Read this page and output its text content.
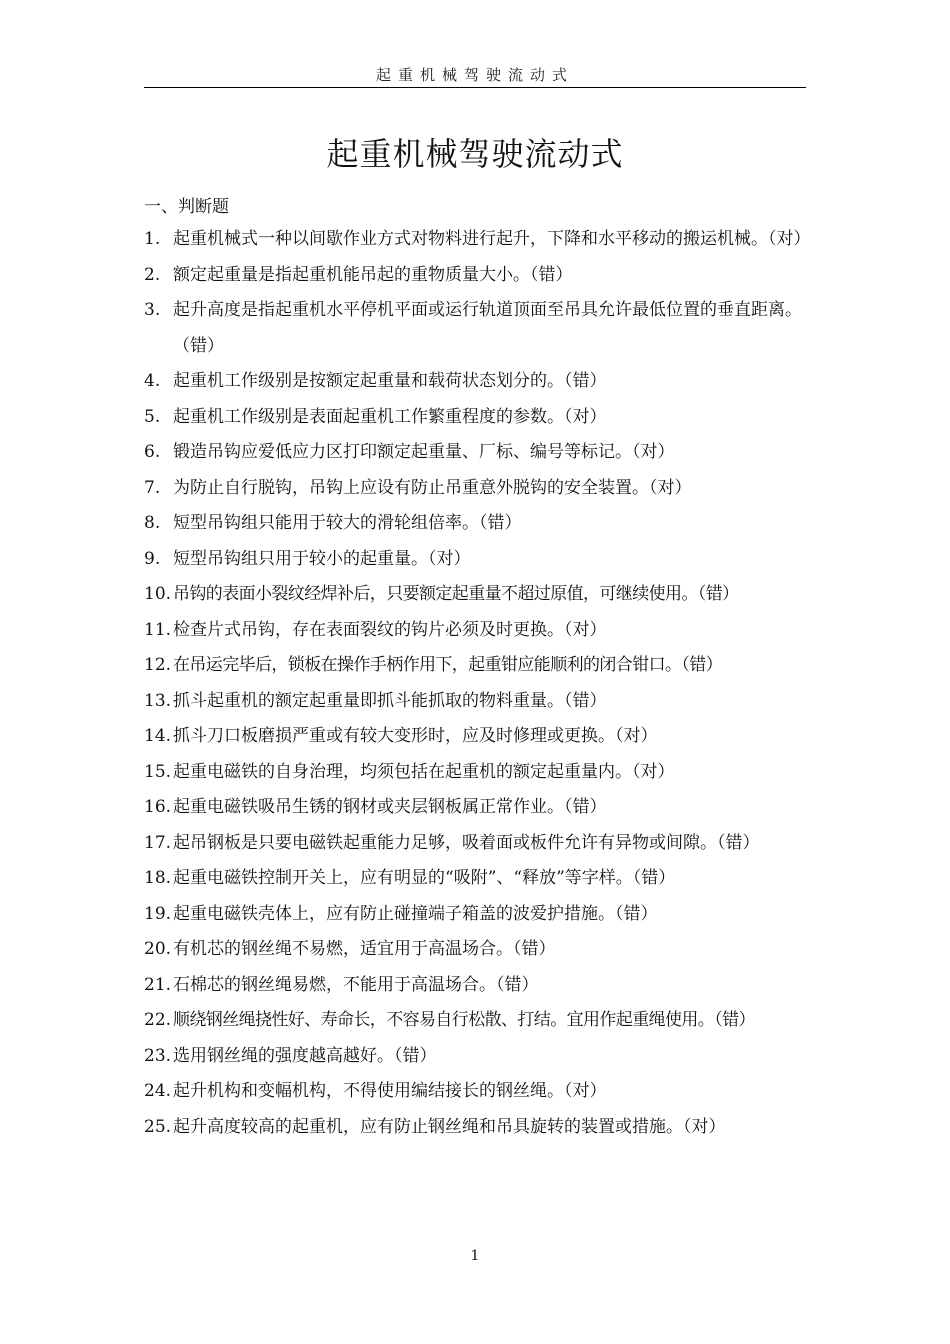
起重机械驾驶流动式
起重机械驾驶流动式
一、判断题
1. 起重机械式一种以间歇作业方式对物料进行起升，下降和水平移动的搬运机械。（对）
2. 额定起重量是指起重机能吊起的重物质量大小。（错）
3. 起升高度是指起重机水平停机平面或运行轨道顶面至吊具允许最低位置的垂直距离。（错）
4. 起重机工作级别是按额定起重量和载荷状态划分的。（错）
5. 起重机工作级别是表面起重机工作繁重程度的参数。（对）
6. 锻造吊钩应爱低应力区打印额定起重量、厂标、编号等标记。（对）
7. 为防止自行脱钩，吊钩上应设有防止吊重意外脱钩的安全装置。（对）
8. 短型吊钩组只能用于较大的滑轮组倍率。（错）
9. 短型吊钩组只用于较小的起重量。（对）
10. 吊钩的表面小裂纹经焊补后，只要额定起重量不超过原值，可继续使用。（错）
11. 检查片式吊钩，存在表面裂纹的钩片必须及时更换。（对）
12. 在吊运完毕后，锁板在操作手柄作用下，起重钳应能顺利的闭合钳口。（错）
13. 抓斗起重机的额定起重量即抓斗能抓取的物料重量。（错）
14. 抓斗刀口板磨损严重或有较大变形时，应及时修理或更换。（对）
15. 起重电磁铁的自身治理，均须包括在起重机的额定起重量内。（对）
16. 起重电磁铁吸吊生锈的钢材或夹层钢板属正常作业。（错）
17. 起吊钢板是只要电磁铁起重能力足够，吸着面或板件允许有异物或间隙。（错）
18. 起重电磁铁控制开关上，应有明显的“吸附”、“释放”等字样。（错）
19. 起重电磁铁壳体上，应有防止碰撞端子箱盖的波爱护措施。（错）
20. 有机芯的钢丝绳不易燃，适宜用于高温场合。（错）
21. 石棉芯的钢丝绳易燃，不能用于高温场合。（错）
22. 顺绕钢丝绳挠性好、寿命长，不容易自行松散、打结。宜用作起重绳使用。（错）
23. 选用钢丝绳的强度越高越好。（错）
24. 起升机构和变幅机构，不得使用编结接长的钢丝绳。（对）
25. 起升高度较高的起重机，应有防止钢丝绳和吊具旋转的装置或措施。（对）
1
